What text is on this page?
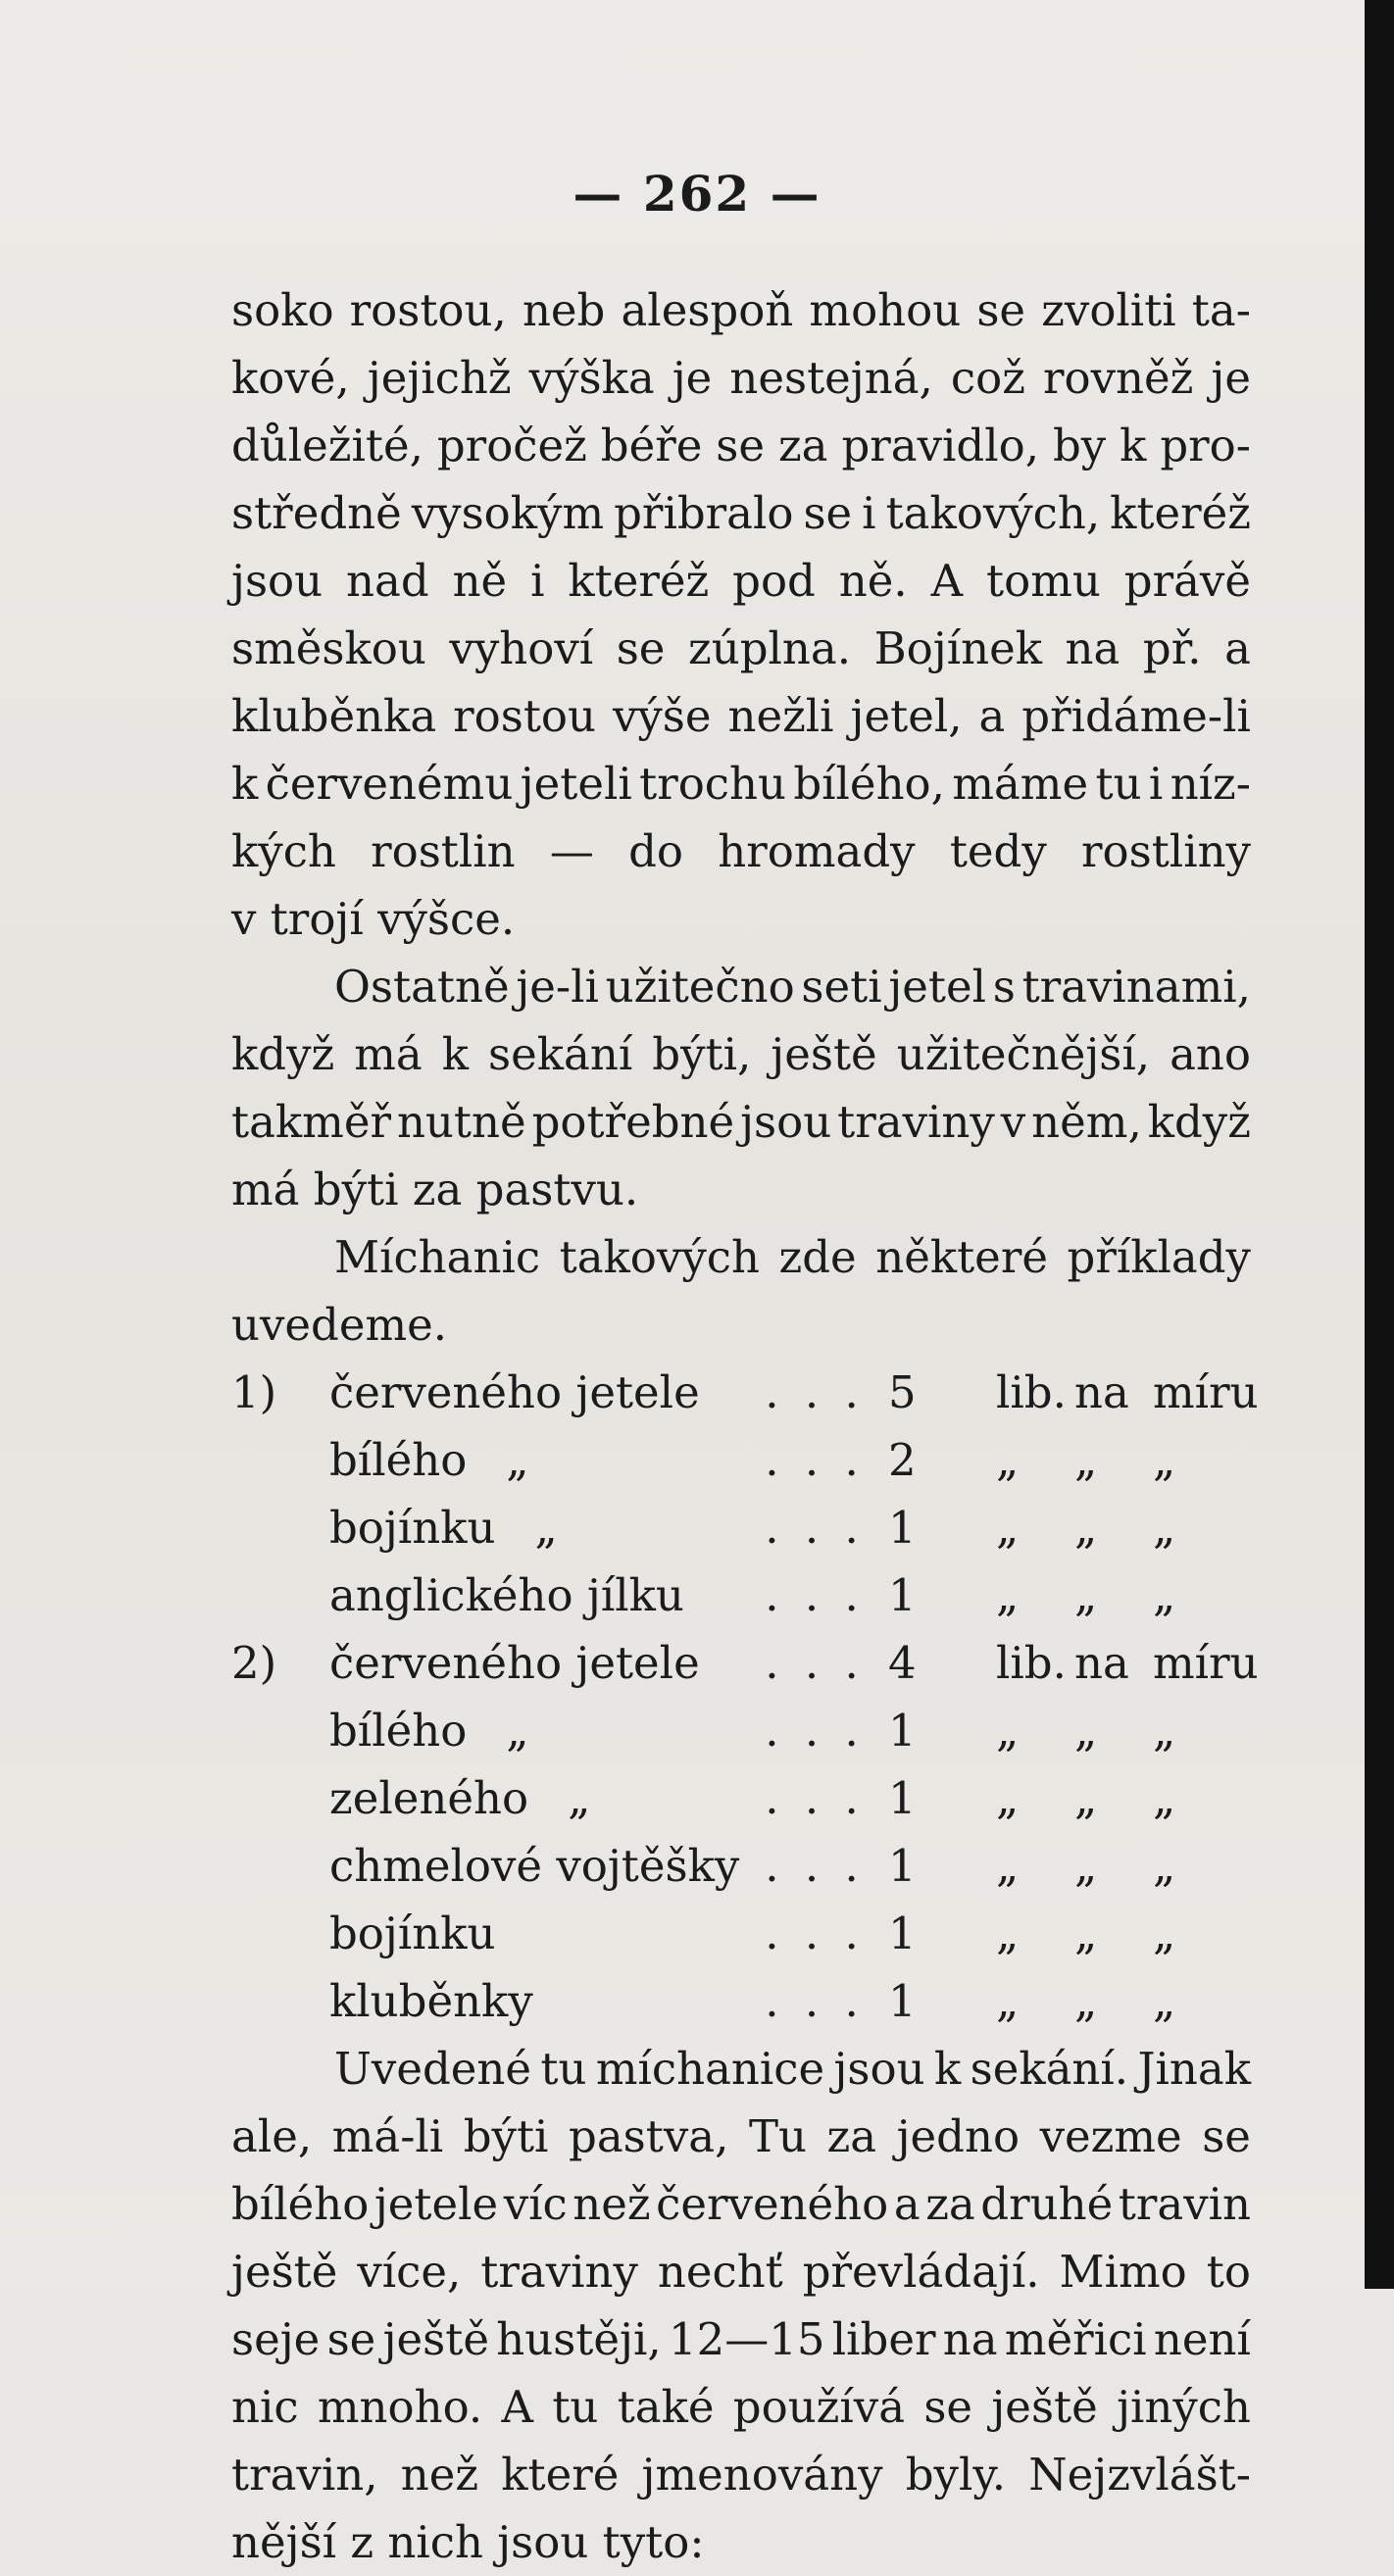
— 262 —
soko rostou, neb alespoň mohou se zvoliti ta-
kové, jejichž výška je nestejná, což rovněž je
důležité, pročež béře se za pravidlo, by k pro-
středně vysokým přibralo se i takových, kteréž
jsou nad ně i kteréž pod ně. A tomu právě
směskou vyhoví se zúplna. Bojínek na př. a
kluběnka rostou výše nežli jetel, a přidáme-li
k červenému jeteli trochu bílého, máme tu i níz-
kých rostlin — do hromady tedy rostliny
v trojí výšce.
Ostatně je-li užitečno seti jetel s travinami,
když má k sekání býti, ještě užitečnější, ano
takměř nutně potřebné jsou traviny v něm, když
má býti za pastvu.
Míchanic takových zde některé příklady
uvedeme.
1)	červeného jetele	. . . 5	lib. na míru
bílého „	. . . 2	„	„	„
bojínku „	. . . 1	„	„	„
anglického jílku	. . . 1	„	„	„
2)	červeného jetele	. . . 4	lib. na míru
bílého „	. . . 1	„	„	„
zeleného „	. . . 1	„	„	„
chmelové vojtěšky . . . 1	„	„	„
bojínku	. . . 1	„	„	„
kluběnky	. . . 1	„	„	„
Uvedené tu míchanice jsou k sekání. Jinak
ale, má-li býti pastva, Tu za jedno vezme se
bílého jetele víc než červeného a za druhé travin
ještě více, traviny nechť převládají. Mimo to
seje se ještě hustěji, 12—15 liber na měřici není
nic mnoho. A tu také používá se ještě jiných
travin, než které jmenovány byly. Nejzvlášt-
nější z nich jsou tyto:
